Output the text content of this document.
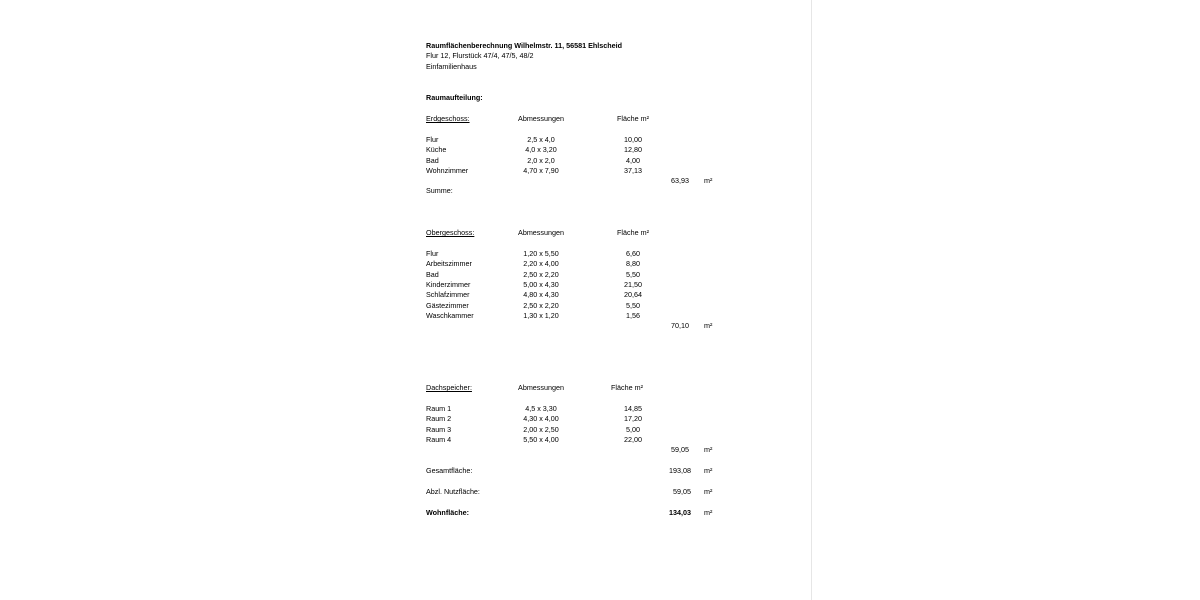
Raumflächenberechnung Wilhelmstr. 11, 56581 Ehlscheid
Flur 12, Flurstück 47/4, 47/5, 48/2
Einfamilienhaus
Raumaufteilung:
Erdgeschoss:	Abmessungen	Fläche m²
Flur	2,5 x 4,0	10,00
Küche	4,0 x 3,20	12,80
Bad	2,0 x 2,0	4,00
Wohnzimmer	4,70 x 7,90	37,13
63,93 m²
Summe:
Obergeschoss:	Abmessungen	Fläche m²
Flur	1,20 x 5,50	6,60
Arbeitszimmer	2,20 x 4,00	8,80
Bad	2,50 x 2,20	5,50
Kinderzimmer	5,00 x 4,30	21,50
Schlafzimmer	4,80 x 4,30	20,64
Gästezimmer	2,50 x 2,20	5,50
Waschkammer	1,30 x 1,20	1,56
70,10 m²
Dachspeicher:	Abmessungen	Fläche m²
Raum 1	4,5 x 3,30	14,85
Raum 2	4,30 x 4,00	17,20
Raum 3	2,00 x 2,50	5,00
Raum 4	5,50 x 4,00	22,00
59,05 m²
Gesamtfläche:	193,08 m²
Abzl. Nutzfläche:	59,05 m²
Wohnfläche:	134,03 m²
